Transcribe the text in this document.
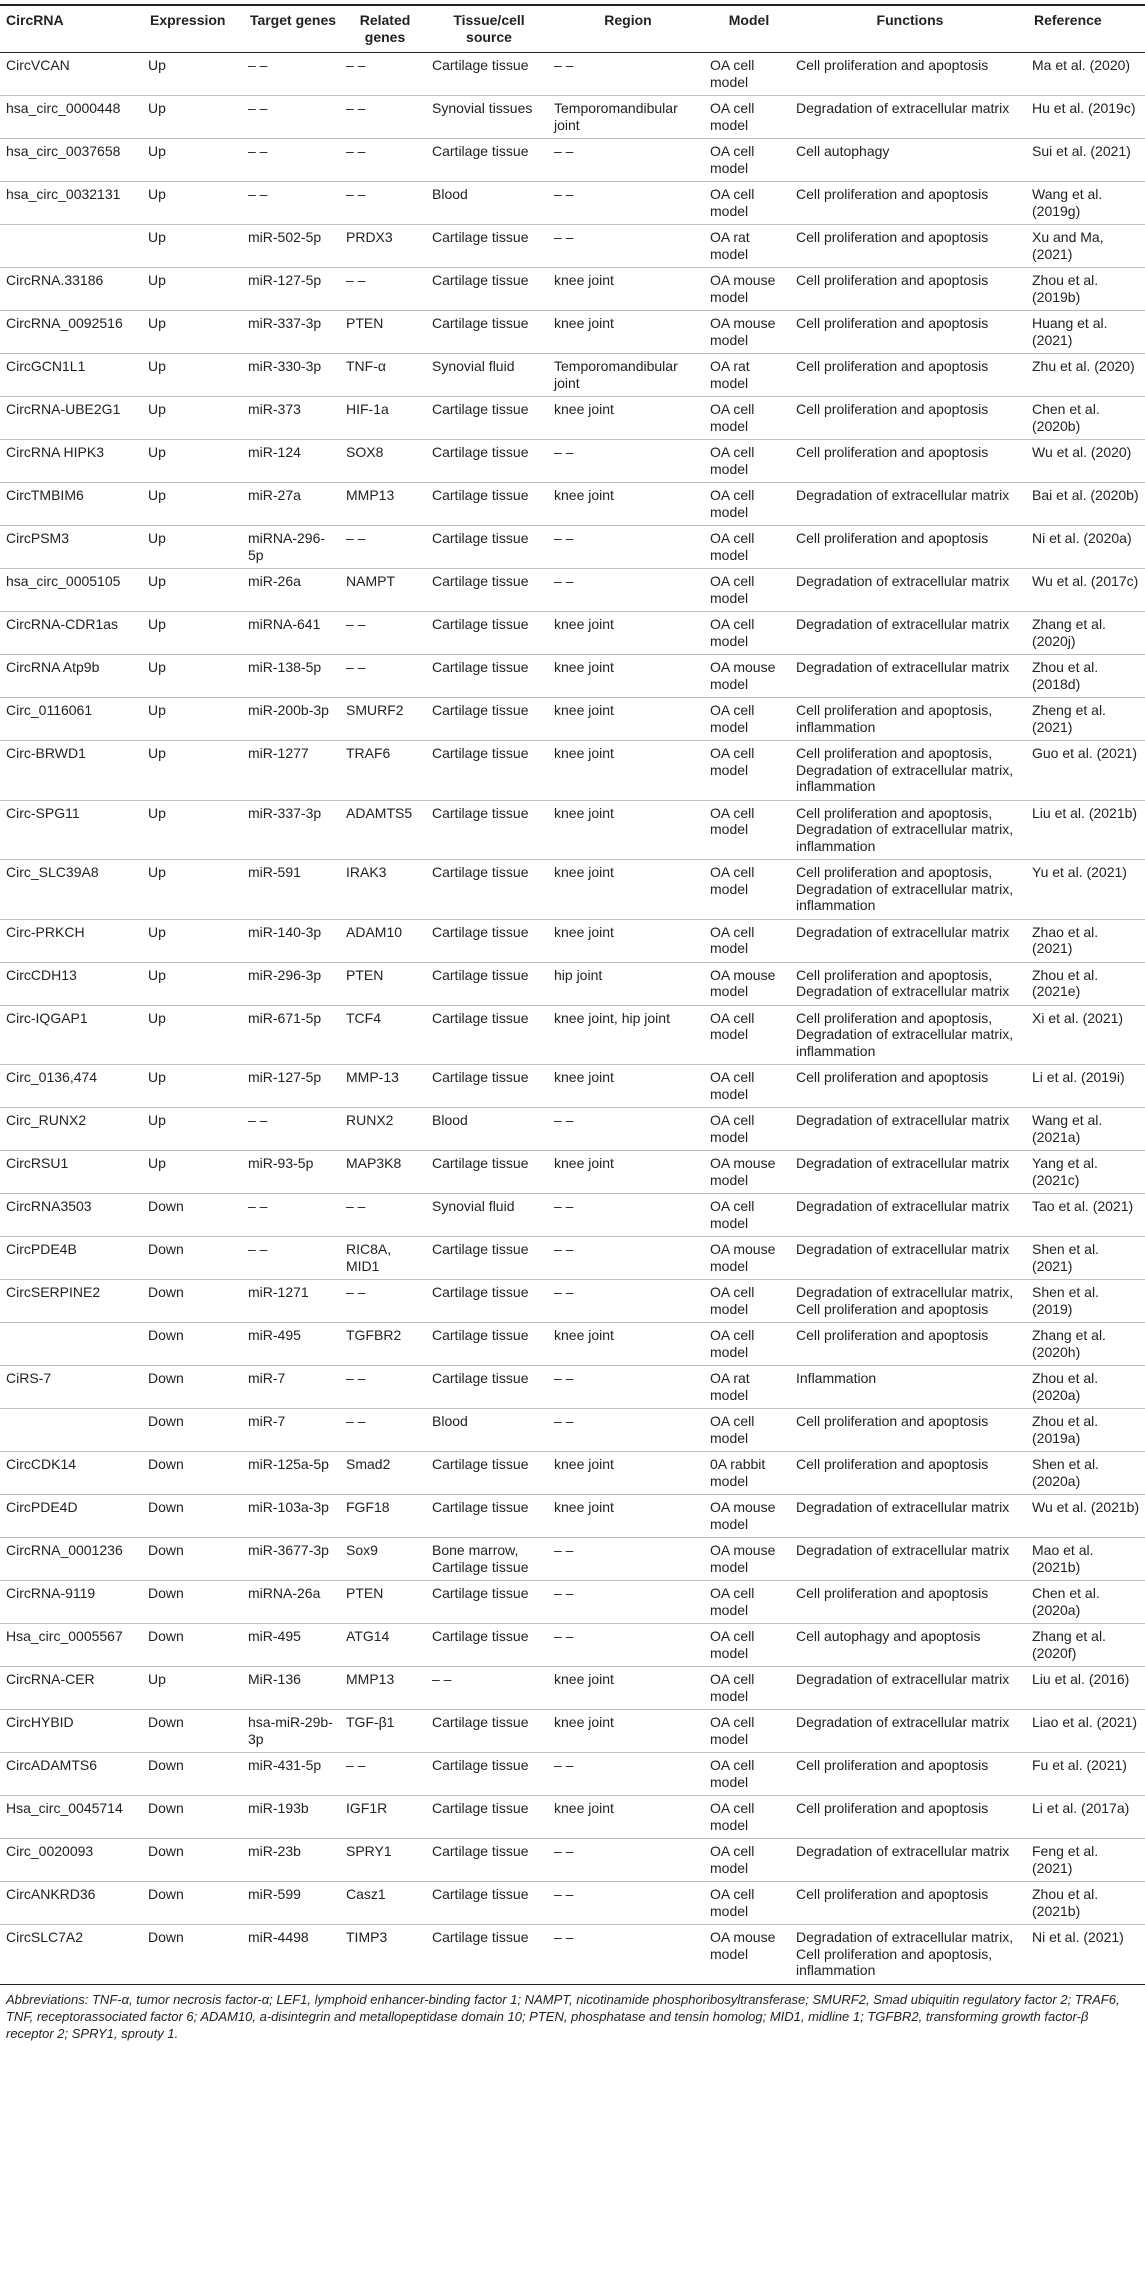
CircRNA	Expression	Target genes	Related genes	Tissue/cell source	Region	Model	Functions	Reference
CircVCAN	Up	– –	– –	Cartilage tissue	– –	OA cell model	Cell proliferation and apoptosis	Ma et al. (2020)
hsa_circ_0000448	Up	– –	– –	Synovial tissues	Temporomandibular joint	OA cell model	Degradation of extracellular matrix	Hu et al. (2019c)
hsa_circ_0037658	Up	– –	– –	Cartilage tissue	– –	OA cell model	Cell autophagy	Sui et al. (2021)
hsa_circ_0032131	Up	– –	– –	Blood	– –	OA cell model	Cell proliferation and apoptosis	Wang et al. (2019g)
	Up	miR-502-5p	PRDX3	Cartilage tissue	– –	OA rat model	Cell proliferation and apoptosis	Xu and Ma, (2021)
CircRNA.33186	Up	miR-127-5p	– –	Cartilage tissue	knee joint	OA mouse model	Cell proliferation and apoptosis	Zhou et al. (2019b)
CircRNA_0092516	Up	miR-337-3p	PTEN	Cartilage tissue	knee joint	OA mouse model	Cell proliferation and apoptosis	Huang et al. (2021)
CircGCN1L1	Up	miR-330-3p	TNF-α	Synovial fluid	Temporomandibular joint	OA rat model	Cell proliferation and apoptosis	Zhu et al. (2020)
CircRNA-UBE2G1	Up	miR-373	HIF-1a	Cartilage tissue	knee joint	OA cell model	Cell proliferation and apoptosis	Chen et al. (2020b)
CircRNA HIPK3	Up	miR-124	SOX8	Cartilage tissue	– –	OA cell model	Cell proliferation and apoptosis	Wu et al. (2020)
CircTMBIM6	Up	miR-27a	MMP13	Cartilage tissue	knee joint	OA cell model	Degradation of extracellular matrix	Bai et al. (2020b)
CircPSM3	Up	miRNA-296-5p	– –	Cartilage tissue	– –	OA cell model	Cell proliferation and apoptosis	Ni et al. (2020a)
hsa_circ_0005105	Up	miR-26a	NAMPT	Cartilage tissue	– –	OA cell model	Degradation of extracellular matrix	Wu et al. (2017c)
CircRNA-CDR1as	Up	miRNA-641	– –	Cartilage tissue	knee joint	OA cell model	Degradation of extracellular matrix	Zhang et al. (2020j)
CircRNA Atp9b	Up	miR-138-5p	– –	Cartilage tissue	knee joint	OA mouse model	Degradation of extracellular matrix	Zhou et al. (2018d)
Circ_0116061	Up	miR-200b-3p	SMURF2	Cartilage tissue	knee joint	OA cell model	Cell proliferation and apoptosis, inflammation	Zheng et al. (2021)
Circ-BRWD1	Up	miR-1277	TRAF6	Cartilage tissue	knee joint	OA cell model	Cell proliferation and apoptosis, Degradation of extracellular matrix, inflammation	Guo et al. (2021)
Circ-SPG11	Up	miR-337-3p	ADAMTS5	Cartilage tissue	knee joint	OA cell model	Cell proliferation and apoptosis, Degradation of extracellular matrix, inflammation	Liu et al. (2021b)
Circ_SLC39A8	Up	miR-591	IRAK3	Cartilage tissue	knee joint	OA cell model	Cell proliferation and apoptosis, Degradation of extracellular matrix, inflammation	Yu et al. (2021)
Circ-PRKCH	Up	miR-140-3p	ADAM10	Cartilage tissue	knee joint	OA cell model	Degradation of extracellular matrix	Zhao et al. (2021)
CircCDH13	Up	miR-296-3p	PTEN	Cartilage tissue	hip joint	OA mouse model	Cell proliferation and apoptosis, Degradation of extracellular matrix	Zhou et al. (2021e)
Circ-IQGAP1	Up	miR-671-5p	TCF4	Cartilage tissue	knee joint, hip joint	OA cell model	Cell proliferation and apoptosis, Degradation of extracellular matrix, inflammation	Xi et al. (2021)
Circ_0136,474	Up	miR-127-5p	MMP-13	Cartilage tissue	knee joint	OA cell model	Cell proliferation and apoptosis	Li et al. (2019i)
Circ_RUNX2	Up	– –	RUNX2	Blood	– –	OA cell model	Degradation of extracellular matrix	Wang et al. (2021a)
CircRSU1	Up	miR-93-5p	MAP3K8	Cartilage tissue	knee joint	OA mouse model	Degradation of extracellular matrix	Yang et al. (2021c)
CircRNA3503	Down	– –	– –	Synovial fluid	– –	OA cell model	Degradation of extracellular matrix	Tao et al. (2021)
CircPDE4B	Down	– –	RIC8A, MID1	Cartilage tissue	– –	OA mouse model	Degradation of extracellular matrix	Shen et al. (2021)
CircSERPINE2	Down	miR-1271	– –	Cartilage tissue	– –	OA cell model	Degradation of extracellular matrix, Cell proliferation and apoptosis	Shen et al. (2019)
	Down	miR-495	TGFBR2	Cartilage tissue	knee joint	OA cell model	Cell proliferation and apoptosis	Zhang et al. (2020h)
CiRS-7	Down	miR-7	– –	Cartilage tissue	– –	OA rat model	Inflammation	Zhou et al. (2020a)
	Down	miR-7	– –	Blood	– –	OA cell model	Cell proliferation and apoptosis	Zhou et al. (2019a)
CircCDK14	Down	miR-125a-5p	Smad2	Cartilage tissue	knee joint	0A rabbit model	Cell proliferation and apoptosis	Shen et al. (2020a)
CircPDE4D	Down	miR-103a-3p	FGF18	Cartilage tissue	knee joint	OA mouse model	Degradation of extracellular matrix	Wu et al. (2021b)
CircRNA_0001236	Down	miR-3677-3p	Sox9	Bone marrow, Cartilage tissue	– –	OA mouse model	Degradation of extracellular matrix	Mao et al. (2021b)
CircRNA-9119	Down	miRNA-26a	PTEN	Cartilage tissue	– –	OA cell model	Cell proliferation and apoptosis	Chen et al. (2020a)
Hsa_circ_0005567	Down	miR-495	ATG14	Cartilage tissue	– –	OA cell model	Cell autophagy and apoptosis	Zhang et al. (2020f)
CircRNA-CER	Up	MiR-136	MMP13	– –	knee joint	OA cell model	Degradation of extracellular matrix	Liu et al. (2016)
CircHYBID	Down	hsa-miR-29b-3p	TGF-β1	Cartilage tissue	knee joint	OA cell model	Degradation of extracellular matrix	Liao et al. (2021)
CircADAMTS6	Down	miR-431-5p	– –	Cartilage tissue	– –	OA cell model	Cell proliferation and apoptosis	Fu et al. (2021)
Hsa_circ_0045714	Down	miR-193b	IGF1R	Cartilage tissue	knee joint	OA cell model	Cell proliferation and apoptosis	Li et al. (2017a)
Circ_0020093	Down	miR-23b	SPRY1	Cartilage tissue	– –	OA cell model	Degradation of extracellular matrix	Feng et al. (2021)
CircANKRD36	Down	miR-599	Casz1	Cartilage tissue	– –	OA cell model	Cell proliferation and apoptosis	Zhou et al. (2021b)
CircSLC7A2	Down	miR-4498	TIMP3	Cartilage tissue	– –	OA mouse model	Degradation of extracellular matrix, Cell proliferation and apoptosis, inflammation	Ni et al. (2021)
Abbreviations: TNF-α, tumor necrosis factor-α; LEF1, lymphoid enhancer-binding factor 1; NAMPT, nicotinamide phosphoribosyltransferase; SMURF2, Smad ubiquitin regulatory factor 2; TRAF6, TNF, receptorassociated factor 6; ADAM10, a-disintegrin and metallopeptidase domain 10; PTEN, phosphatase and tensin homolog; MID1, midline 1; TGFBR2, transforming growth factor-β receptor 2; SPRY1, sprouty 1.
